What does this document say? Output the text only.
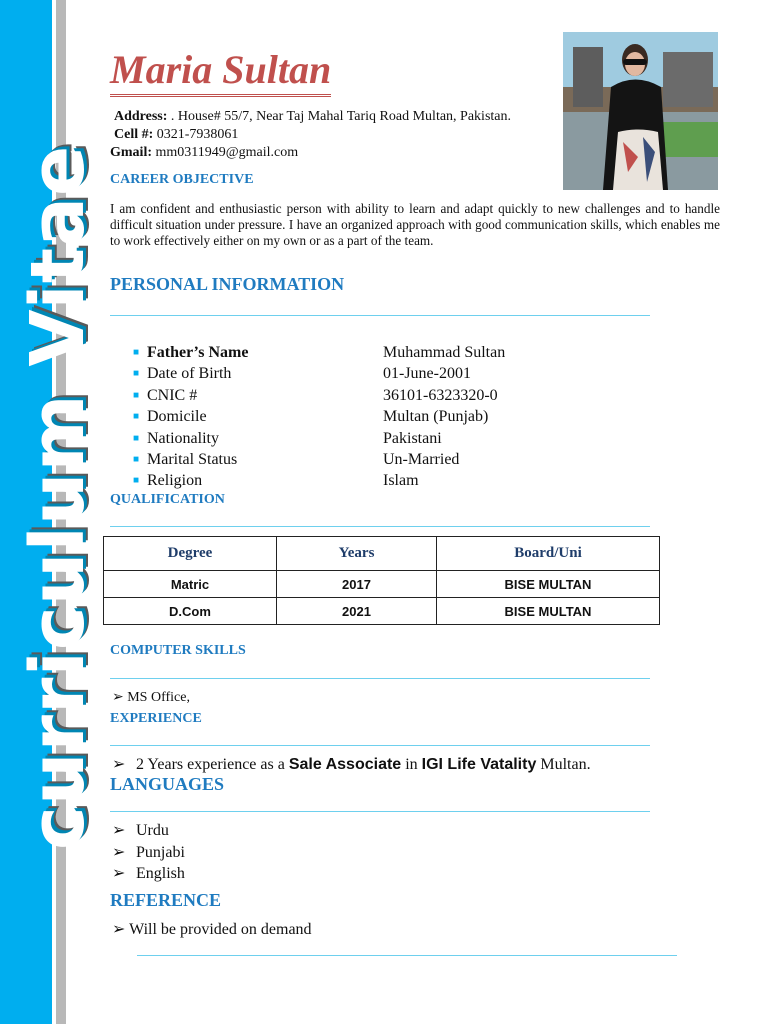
curriculum Vitae
Maria Sultan
Address: . House# 55/7, Near Taj Mahal Tariq Road Multan, Pakistan.
Cell #: 0321-7938061
Gmail: mm0311949@gmail.com
CAREER OBJECTIVE

I am confident and enthusiastic person with ability to learn and adapt quickly to new challenges and to handle difficult situation under pressure. I have an organized approach with good communication skills, which enables me to work effectively either on my own or as a part of the team.

PERSONAL INFORMATION
■ Father’s Name	Muhammad Sultan
■ Date of Birth	01-June-2001
■ CNIC #	36101-6323320-0
■ Domicile	Multan (Punjab)
■ Nationality	Pakistani
■ Marital Status	Un-Married
■ Religion	Islam
QUALIFICATION
Degree	Years	Board/Uni
Matric	2017	BISE MULTAN
D.Com	2021	BISE MULTAN
COMPUTER SKILLS
➢ MS Office,
EXPERIENCE
➢ 2 Years experience as a Sale Associate in IGI Life Vatality Multan.
LANGUAGES
➢ Urdu
➢ Punjabi
➢ English
REFERENCE
➢ Will be provided on demand
